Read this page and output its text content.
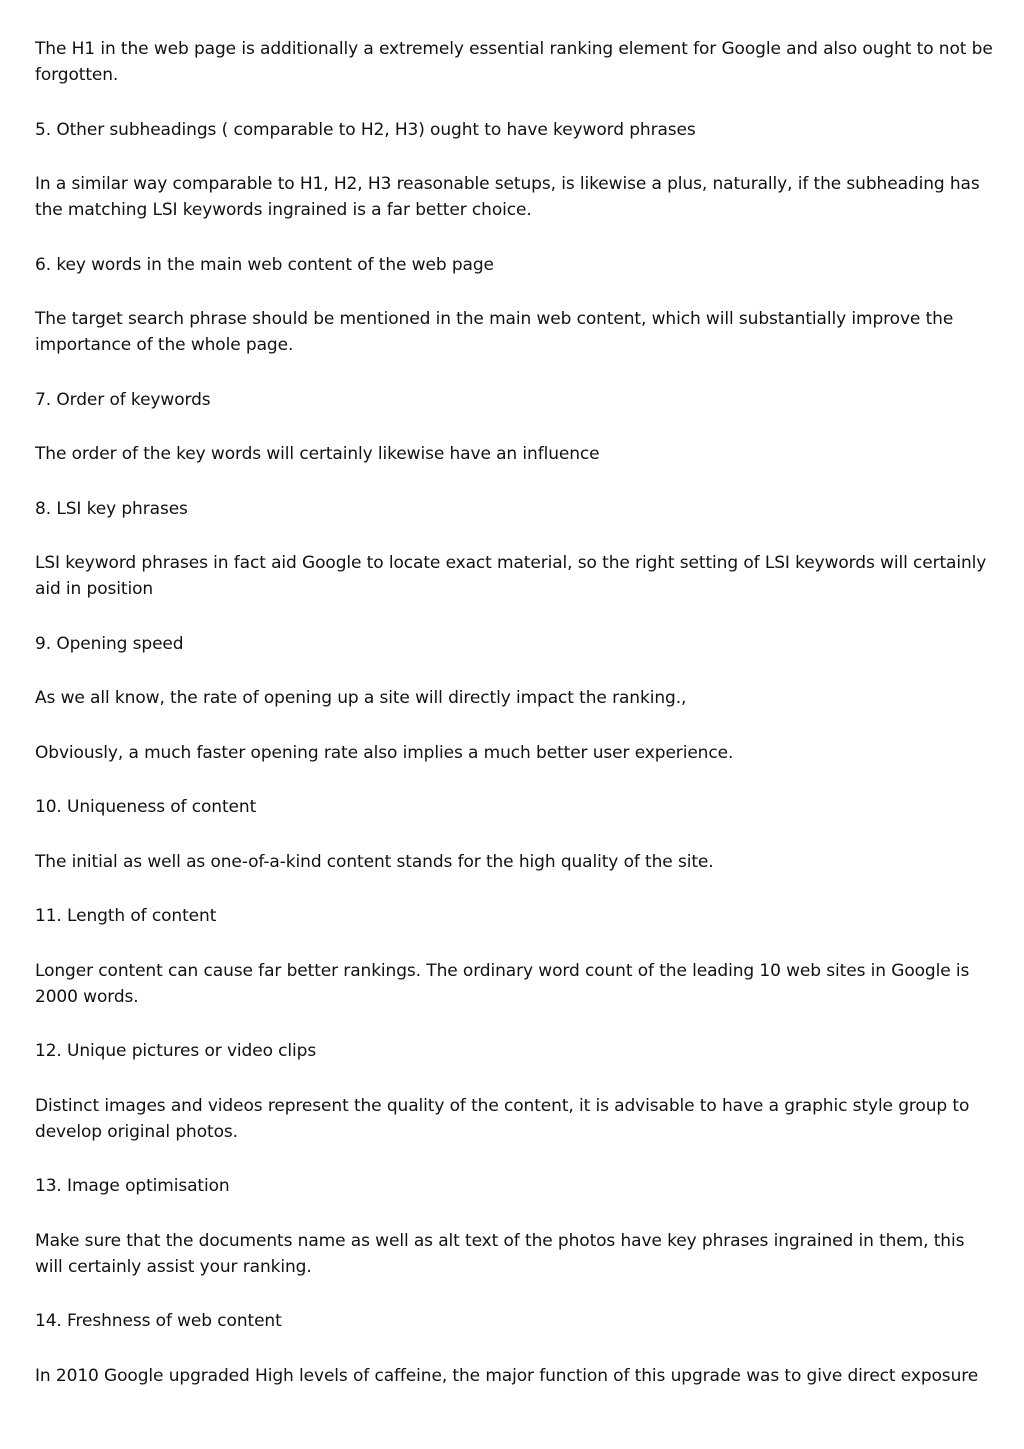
The H1 in the web page is additionally a extremely essential ranking element for Google and also ought to not be forgotten.

5. Other subheadings ( comparable to H2, H3) ought to have keyword phrases

In a similar way comparable to H1, H2, H3 reasonable setups, is likewise a plus, naturally, if the subheading has the matching LSI keywords ingrained is a far better choice.

6. key words in the main web content of the web page

The target search phrase should be mentioned in the main web content, which will substantially improve the importance of the whole page.

7. Order of keywords

The order of the key words will certainly likewise have an influence

8. LSI key phrases

LSI keyword phrases in fact aid Google to locate exact material, so the right setting of LSI keywords will certainly aid in position

9. Opening speed

As we all know, the rate of opening up a site will directly impact the ranking.,

Obviously, a much faster opening rate also implies a much better user experience.

10. Uniqueness of content

The initial as well as one-of-a-kind content stands for the high quality of the site.

11. Length of content

Longer content can cause far better rankings. The ordinary word count of the leading 10 web sites in Google is 2000 words.

12. Unique pictures or video clips

Distinct images and videos represent the quality of the content, it is advisable to have a graphic style group to develop original photos.

13. Image optimisation

Make sure that the documents name as well as alt text of the photos have key phrases ingrained in them, this will certainly assist your ranking.

14. Freshness of web content

In 2010 Google upgraded High levels of caffeine, the major function of this upgrade was to give direct exposure
